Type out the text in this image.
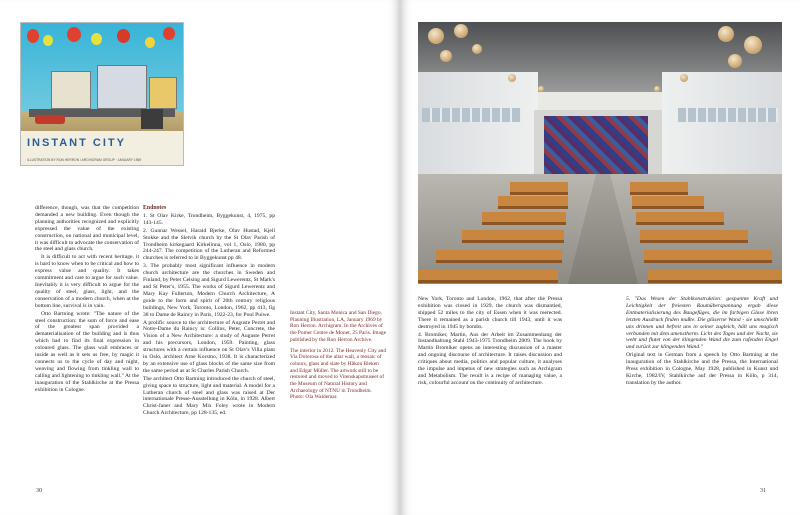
INSTANT CITY
ILLUSTRATION BY RON HERRON / ARCHIGRAM GROUP · JANUARY 1969

difference, though, was that the competition demanded a new building. Even though the planning authorities recognized and explicitly expressed the value of the existing construction, on national and municipal level, it was difficult to advocate the conservation of the steel and glass church.

It is difficult to act with recent heritage, it is hard to know when to be critical and how to express value and quality. It takes commitment and care to argue for such value. Inevitably it is very difficult to argue for the quality of steel, glass, light, and the conservation of a modern church, when at the bottom line, survival is in vain.

Otto Bartning wrote: "The nature of the steel construction: the sum of force and ease of the greatest span provided a dematerialisation of the building and is thus which had to find its final expression in coloured glass. The glass wall embraces or inside as well as it sets us free, by magic it connects us to the cycle of day and night, weaving and flowing from tinkling wall to calling and lightening to tinkling wall." At the inauguration of the Stahlkirche at the Pressa exhibition in Cologne.

Endnotes
1. St Olav Kirke, Trondheim, Byggekunst, 4, 1975, pp 143-145.
2. Gunnar Wessel, Harald Bjerke, Olav Hustad, Kjell Stokke and the Sletvik church by the St Olav Parish of Trondheim kirkegaard Kirkelinna, vol 1, Oslo, 1980, pp 244-247. The competition of the Lutheran and Reformed churches is referred to in Byggekunst pp 48.
3. The probably most significant influence in modern church architecture are the churches in Sweden and Finland, by Peter Celsing and Sigurd Lewerentz, St Mark's and St Peter's, 1955. The works of Sigurd Lewerentz and Mary Kay Fullerton, Modern Church Architecture, A guide to the form and spirit of 20th century religious buildings, New York, Toronto, London, 1962, pp 413, fig 38 to Dame de Raincy in Paris, 1922-23, for Poul Puiwe.
A prolific source to the architecture of Auguste Perret and Notre-Dame du Raincy is: Collins, Peter, Concrete, the Vision of a New Architecture: a study of Auguste Perret and his precursors, London, 1959. Painting, glass structures with a certain influence on St Olav's Villa plant in Oslo, architect Arne Korsmo, 1938. It is characterized by an extensive use of glass blocks of the same size from the same period as at St Charles Parish Church.
The architect Otto Bartning introduced the church of steel, giving space to structure, light and material. A model for a Lutheran church of steel and glass was raised at Der internationale Presse-Ausstellung in Köln, in 1928. Albert Christ-Janer and Mary Mix Foley wrote in Modern Church Architecture, pp 128-135, ed.

Instant City, Santa Monica and San Diego, Planning Illustration, LA, January 1969 by Ron Herron. Archigram. In the Archives of the Pomer Centre de Monet, 25 Paris. Image published by the Ron Herron Archive.

The interior in 2012. The Heavenly City and Via Dolorosa of the altar wall, a mosaic of colours, glass and slate by Håkon Bleken and Edgar Müller. The artwork still to be restored and moved to Vitenskapsmuseet of the Museum of Natural History and Archaeology of NTNU in Trondheim. Photo: Ola Waldemar.

30

New York, Toronto and London, 1962, that after the Pressa exhibition was closed in 1929, the church was dismantled, shipped 52 miles to the city of Essen when it was reerected. There it remained as a parish church till 1943, until it was destroyed in 1945 by bombs.

4. Bromiker, Martin, Aus der Arbeit im Zusammenhang der Instandhaltung Stahl 1943-1975 Trondheim 2009. The book by Martin Bromiker opens an interesting discussion of a master and ongoing discourse of architecture. It raises discussion and critiques about media, politics and popular culture, it analyses the impulse and impetus of new strategies such as Archigram and Metabolism. The result is a recipe of managing value, a risk, colourful account on the continuity of architecture.

5. "Das Wesen der Stahlkonstruktion: gespannte Kraft und Leichtigkeit der freiesten Raumüberspannung ergab diese Entmaterialisierung des Baugefüges, die im farbigen Glase ihren letzten Ausdruck finden mußte. Die gläserne Wand - sie umschließt uns drinnen und befreit uns in seiner zugleich, hält uns magisch verbunden mit dem amenstherm. Licht des Tages und der Nacht, sie webt und flutet von der klingenden Wand die zum rufenden Engel und zurück zur klingenden Wand."

Original text in German from a speech by Otto Bartning at the inauguration of the Stahlkirche and the Pressa, the International Press exhibition in Cologne, May 1928, published in Kunst und Kirche, 1982/IV, Stahlkirche auf der Pressa in Köln, p 314, translation by the author.

31
